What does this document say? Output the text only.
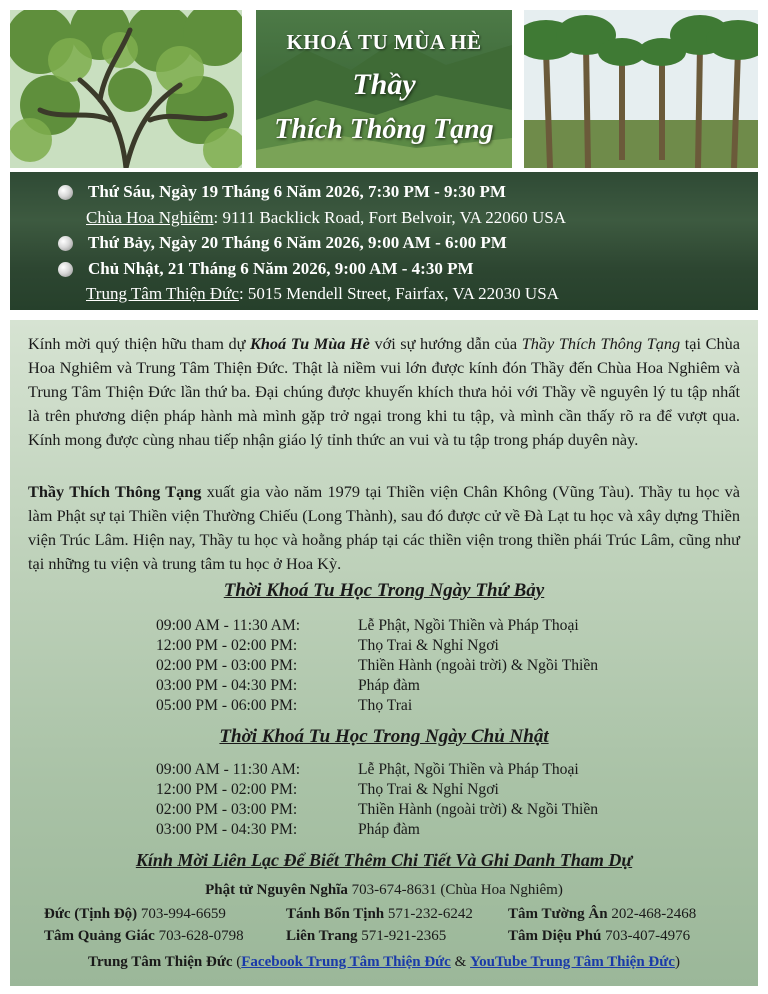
KHOÁ TU MÙA HÈ
Thầy
Thích Thông Tạng
Thứ Sáu, Ngày 19 Tháng 6 Năm 2026, 7:30 PM - 9:30 PM
Chùa Hoa Nghiêm: 9111 Backlick Road, Fort Belvoir, VA 22060 USA
Thứ Bảy, Ngày 20 Tháng 6 Năm 2026, 9:00 AM - 6:00 PM
Chủ Nhật, 21 Tháng 6 Năm 2026, 9:00 AM - 4:30 PM
Trung Tâm Thiện Đức: 5015 Mendell Street, Fairfax, VA 22030 USA

Kính mời quý thiện hữu tham dự Khoá Tu Mùa Hè với sự hướng dẫn của Thầy Thích Thông Tạng tại Chùa Hoa Nghiêm và Trung Tâm Thiện Đức. Thật là niềm vui lớn được kính đón Thầy đến Chùa Hoa Nghiêm và Trung Tâm Thiện Đức lần thứ ba. Đại chúng được khuyến khích thưa hỏi với Thầy về nguyên lý tu tập nhất là trên phương diện pháp hành mà mình gặp trở ngại trong khi tu tập, và mình cần thấy rõ ra để vượt qua. Kính mong được cùng nhau tiếp nhận giáo lý tỉnh thức an vui và tu tập trong pháp duyên này.

Thầy Thích Thông Tạng xuất gia vào năm 1979 tại Thiền viện Chân Không (Vũng Tàu). Thầy tu học và làm Phật sự tại Thiền viện Thường Chiếu (Long Thành), sau đó được cử về Đà Lạt tu học và xây dựng Thiền viện Trúc Lâm. Hiện nay, Thầy tu học và hoằng pháp tại các thiền viện trong thiền phái Trúc Lâm, cũng như tại những tu viện và trung tâm tu học ở Hoa Kỳ.

Thời Khoá Tu Học Trong Ngày Thứ Bảy
09:00 AM - 11:30 AM:	Lễ Phật, Ngồi Thiền và Pháp Thoại
12:00 PM - 02:00 PM:	Thọ Trai & Nghỉ Ngơi
02:00 PM - 03:00 PM:	Thiền Hành (ngoài trời) & Ngồi Thiền
03:00 PM - 04:30 PM:	Pháp đàm
05:00 PM - 06:00 PM:	Thọ Trai
Thời Khoá Tu Học Trong Ngày Chủ Nhật
09:00 AM - 11:30 AM:	Lễ Phật, Ngồi Thiền và Pháp Thoại
12:00 PM - 02:00 PM:	Thọ Trai & Nghỉ Ngơi
02:00 PM - 03:00 PM:	Thiền Hành (ngoài trời) & Ngồi Thiền
03:00 PM - 04:30 PM:	Pháp đàm
Kính Mời Liên Lạc Để Biết Thêm Chi Tiết Và Ghi Danh Tham Dự
Phật tử Nguyên Nghĩa 703-674-8631 (Chùa Hoa Nghiêm)
Đức (Tịnh Độ) 703-994-6659	Tánh Bổn Tịnh 571-232-6242 Tâm Tường Ân 202-468-2468
Tâm Quảng Giác 703-628-0798	Liên Trang 571-921-2365	Tâm Diệu Phú 703-407-4976
Trung Tâm Thiện Đức (Facebook Trung Tâm Thiện Đức & YouTube Trung Tâm Thiện Đức)
